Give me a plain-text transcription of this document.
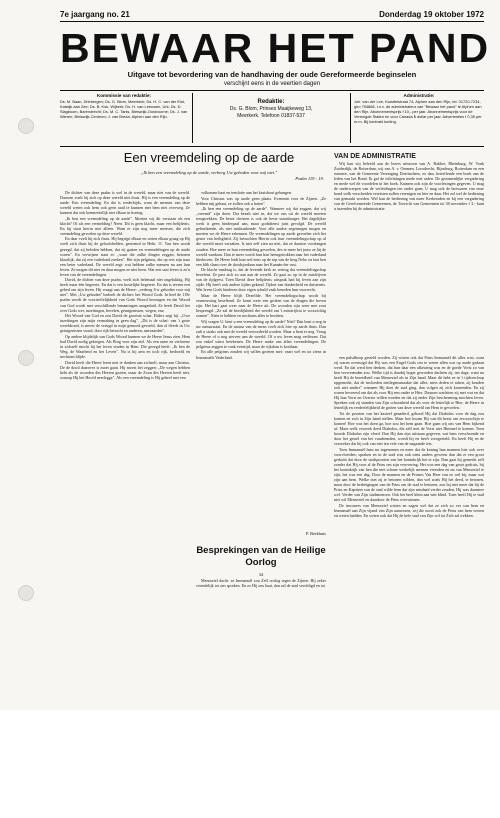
7e jaargang no. 21	Donderdag 19 oktober 1972
BEWAAR HET PAND
Uitgave tot bevordering van de handhaving der oude Gereformeerde beginselen
verschijnt eens in de veertien dagen
Kommissie van redaktie:
Ds. M. Baan, Driebergen; Ds. G. Blom, Meerkerk; Ds. H. C. van der Eist, Katwijk aan Zee; Ds. B. Kok, Wijkerk; Ds. H. van Leeuwen, Urk; Ds. D. Slagboom, Barendrecht; Ds. M. C. Tanis, Bleiswijk-Oostvoorne; Ds. J. van Wieren; Bleiswijk-Centrum; J. van Breda, Alphen aan den Rijn.
Redaktie:
Ds. G. Blom, Prinses Maaijkeweg 13,
Meerkerk. Telefoon 01837-537
Administratie:
Joh. van der Lee, Kwartelstraat 74, Alphen aan den Rijn, tel. 01720-7234, giro 754868, t.n.v. de administrateur van "Bewaar het pand" te Alphen aan den Rijn. Abonnementsprijs f 10,- per jaar. Abonnementsprijs voor de Verenigde Staten en voor Canada $ dollar per jaar. Advertenties f 0,35 per m.m. Bij kontrakt korting.
Een vreemdeling op de aarde
„Ik ben een vreemdeling op de aarde, verberg Uw geboden voor mij niet."
Psalm 119 : 19.

De dichter van deze psalm is wel in de wereld, maar niet van de wereld. Daarom voelt hij zich op deze wereld niet thuis. Hij is een vreemdeling op de aarde. Een vreemdeling. En dat is wederkijds, want de mensen van deze wereld weten ook hem ook geen raad te kunnen met hem niet overweg. Ze kunnen dat ook kenmerkelijk niet elkaar in hoeing.

„Ik ben een vreemdeling op de aarde". Moeten wij dit verstaan als een klacht? Of als een vermelding? Neen. Dit is geen klacht, maar een belijdenis. En hij staat hierin niet alleen. Want er zijn nog meer mensen, die zich vreemdeling gevoelen op deze wereld.

En daar voelt hij zich thuis. Hij begrijpt elkaar en weten elkaar graag op Hij voelt zich thuis bij de geloofshelden, genoemd in Hebr. 11. Van hen wordt gezegd, dat zij beleden hebben, dat zij gasten en vreemdelingen op de aarde waren". En verwijzen staat er: „want die zulke dingen zeggen, betonen klaarlijk, dat zij een vaderland zoeken". Het zijn pelgrims, die op reis zijn naar een beter vaderland. De wereld zegt: wat hebben zulke mensen nu aan hun leven. Ze mogen dit niet en daar mogen ze niet heen. Wat een saai leven is zo'n leven van de vreemdelingen.

David, de dichter van deze psalm, voelt zich helemaal niet ongelukkig. Hij heeft maar één begeerte. En dat is een kostelijke begeerte. En dat is tevens een gebed om zijn leven. Hij vraagt aan de Heere: „verberg Uw geboden voor mij niet". Met „Uw geboden" bedoelt de dichter: het Woord Gods. In heel de 119e psalm wordt de voortreffelijkheid van Gods Woord bezongen en dat Woord van God wordt met verschillende benamingen aangeduid. Ze heeft David het over Gods wet, inzettingen, bevelen, getuigenissen, wegen, enz.

Het Woord van God en zou David de grootste schat. Elders zegt hij: „Uwe inzettingen zijn mijn vermaking in geen dag". „Dit is de schat: van 't grote wereldrond, is meest de vreugd in mijn gemoed gevoeld, dan al fleeds in Uw getuigenissen woud, door rijk betracht en anderen, aanvaarden".

Op andere blijdelijk van Gods Woord kunnen we de Heere Jezus zien. Hem had David nodig gekregen. Als Borg voor zijn ziel. Als een arme en verlorene in zichzelf mocht hij het leven vinden in Hem. Die gezegd heeft: „Ik ben de Weg, de Waarheid en het Leven". Nu is hij arm en toch rijk, bedroefd en nochtans blijde.

David heeft die Heere leren niet te danken aan zichzelf, maar aan Christus. De de dood daarover is moet gaan. Hij moest het zeggen: „De wegen hebben hebt als de woorden des Heeren gezien, maar de Zoon des Heeren heeft niet, waarop Hij het Hoofd neerlegge". Als een vreemdeling is Hij geheel met een

volkomen haat en tenslotte aan het kruishout gehangen.

Voor Christus was op aarde geen plaats. Evenmin voor de Zijnen. „Ze hebben mij gehaat, ze zullen ook u haten".

„Ik ben een vreemdeling op de aarde". Wanneer wij dat zeggen, dat wij „vreemd" zijn doen. Dat bezalt niet in, dat we ons uit de wereld moeten terugtrekken. De beste christen is ook de beste staatsburger. Het dagelijkse werk is geen hinderpaal aan, maar godsdienst juist gevolgd. De wereld gebruikende, als niet misbruikende. Voor alle aardse zegeningen mogen en moeten we de Heere erkennen. De vreemdelingen op aarde gevoelen zich het genot van heiligheid. Zij betrachten Hierin ook hun vreemdelingschap op al die wereld moet verzaken. Is niet zelf zien na niet, dat ze daartoe voorlangen zouden. Hoe meer ze hun vreemdeling gevoelen, des te meer bet jouw ze hij de wereld vandaan. Dan te meer wordt hun hart heengetrokken naar het vaderland hierboven. De Heere leidt hun wel eens op de top van de berg Nebo en laat hen een blik slaan over de doodsjordaan naar het Kanaän der rust.

De klacht vandaag is, dat de levende kerk zo weinig dat vreemdelingschap beoefent. Ze past zich zo aan aan de wereld. Ze gaat zo op in de misdrijven van de tijdgeest. Toen David deze belijdenis uitsprak had hij leven aan zijn zijde. Hij heeft ook andere tijden gekend. Tijden van donkerheid en duisternis. Wat leven Gods kinderen door eigen schuld vaak beneden hun voorrecht.

Maar de Heere blijft Dezelfde. Het vreemdelingschap wordt bij vernieuwing beseffend. Ze komt weer een groken van de dingen die boven zijn. Het hart gaat weer naar de Heere uit. De woorden zijn weer met zout besprengd. „Ze zal de heerlijkheid der wereld om 't misterijfrat te voorzichtig zomen". Niets te hebben en nochtans alles te bezitten.

Wij vragen U: bent u een vreemdeling op de aarde? Niet? Dan bent u nog in uw natuurstaat. En de natuur van de mens voelt zich hier op aarde thuis. Dan zult u straks ook met de wereld veroordeeld worden. Maar u bent er nog. Vraag de Heere of u nog sterven aan de wereld. Of u uw leven mag verliezen. Dat zou enkel winst betekenen. De Heere make ons allen vreemdelingen. De pelgrims zeggen te vaak eventijd, maar de rijkdom is kostbaar.

En alle pelgrims zouden wij willen groeten met: vaart wel en tot ziens in Immanuëls Vaderland.

P. Berkhuis
Besprekingen van de Heilige Oorlog
34

Menseziel dacht: ze Immanuël zou Zelf oorlog tegen de Zijnen. Hij zeker vriendelijk tot ons spreken. En zo Hij ons haat, dan zal de stad veroldigd en tot

VAN DE ADMINISTRATIE

Wij kan wij beleefd aan de lezers nieuwen van A. Bakker, Rheinburg, W. Vonk Zuiderdijk, de Rotterdam, wij van A. v. Ommen, Loosdrecht, Rijnsburg, Rotterdam en een ruimere, van de Gemeente Vereniging Doetinchem, zo dan, betreffende een boek aan de leden van het Bond. Ik gaf de inlichtingen mede met raden. De gezamenlijke vergadering en mede wel de voordelen in het boek. Kunnen ook zijn de voorlezingen gegeven. U mag de onderwerpen van de verleidingen ten onder gaan. U mag ook de bezwaren van onze bond welk verscheiden vereisten zullen verenigen en hier en daar. Het zal wel de bediening van gemaakt worden. Wel kan de bediening van meer Kerkeraden en bij een vergadering van de Gereformeerde Gemeenten, de Toezicht van Gemeenten tot 30 november f 3,- kunt u inzenden bij de administratie.

een pulsdhoop gesteld worden. Zij wisten ook dat Prins Immanuël dit alles wist, want zij waren overtuigd dat Hij was een Engel Gods om te weten allen wat op aarde gedaan werd. En dat werd hen denken, dat hun daar een afkeuring was en de goede Vorst zo van hen vervreemden zou. Welke tijd is daarbij hoger geworden dachten zij, ten dage, want nu heeft Hij de bereidheid van Menseziel als in Zijn hand. Maar dit hebt ze in 't tijdsverloop opgemerkt, dat de invloeden nietlegensmaakte dat alles, niets deden te raken, zij konden ook niet anders" wanneer Hij doet de stad ging, dan volgen zij zich kronenden. En zij waren bevreesd om dat als voor Hij een onder te Hier. Daarom wachtten zij met wat en dat Hij hun Vorst en Overste willen worden en dat zij onder Zijn bescherming mochten leven. Spreken ook zij standen van Zijn schoonheid dat als voor de letterlijk te Hier, de Heere in letterlijk en verderfelijkheid de groten van deze wereld om Hem te gevoelen.

Tot de poorten van het kasteel genaderd, gebood Hij dat Diabolus voor de dag zou komen en zich in Zijn hand stellen. Maar hoe kwam Hij van dit beest om tevoorschijn te komen! Hoe was het doen ga, hoe zou het hem gaan. Hoe gaan wij ons van Hem bijkend af. Maar welk verzoek deed Diabolus, die zelf met de Vorst niet Himmel te komen. Toen hoorde Diabolus zijn vloed. Dan Hij dan zijn uitstaan gegeven, wat hem verschoonde en door het gestel van het vuurhemden, woedt hij en heeft voorgesteld. En heeft Hij en de verzoeker dat hij ook van niet ten vele van de nagaande iets.

Toen Immanuël hem nu ingenomen en meer dat de koning hun mannen hier ook over voorvloeiden; spraken en in de stad was ook niets anders geweest dan dat er een groot gedacht dat door de stadspoorten van het koninkrijk het te zijn. Dan gaat hij gemerkt zelf zonder dat Hij voor al de Prins om zijn verovering. Het was een dag van groot gedruis, bij het koninkrijk van hen die niet schone werkelijk mensen vreesden en nu van Menseziel te zijn, het was een dag. Door de mannen en de Prinses Van Heer van zo wel bij, maar wat zijn aan hem. Welke niet zij te betonen wilden, dan wel zoals Hij het deed, te betonen, maar door de bedreigingen van de Prins om de stad te betonen, zou hij niet meer dat hij de Prins en Kapitein van de stad wilde hem dat zijn misdaad verder zouden. Hij was daarmee wel. Verder van Zijn stadsmensen. Ook het heel klein aan niet blind. Toen heeft Hij te stad niet wil Menseziel en daardoor de Prins overwinnen.

De inwoners van Menseziel wisten en zagen wel dat ze zich zo ver van hem en Immanuël aan Zijn vijand van Zijn aanwezen, wij die nooit ook de Prins van hem vrezen en weten hadden. En weten ook dat Hij de hele stad van Zijn wil tot Zich zal trekken.
